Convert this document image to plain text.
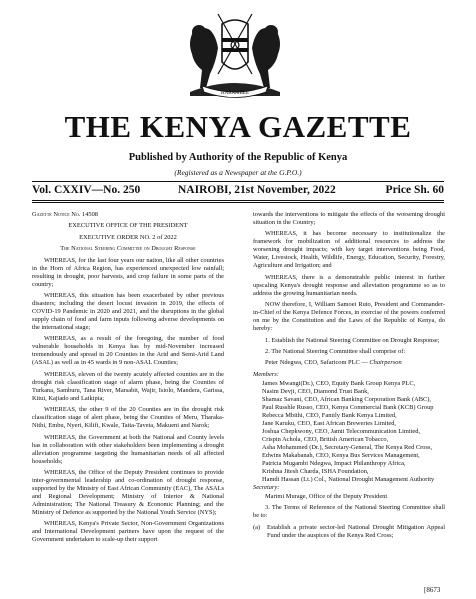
HARAMBEE
THE KENYA GAZETTE
Published by Authority of the Republic of Kenya
(Registered as a Newspaper at the G.P.O.)
Vol. CXXIV—No. 250	NAIROBI, 21st November, 2022	Price Sh. 60

Gazette Notice No. 14508

EXECUTIVE OFFICE OF THE PRESIDENT

EXECUTIVE ORDER NO. 2 of 2022

The National Steering Committee on Drought Response

WHEREAS, for the last four years our nation, like all other countries in the Horn of Africa Region, has experienced unexpected low rainfall; resulting in drought, poor harvests, and crop failure in some parts of the country;

WHEREAS, this situation has been exacerbated by other previous disasters; including the desert locust invasion in 2019, the effects of COVID-19 Pandemic in 2020 and 2021, and the disruptions in the global supply chain of food and farm inputs following adverse developments on the international stage;

WHEREAS, as a result of the foregoing, the number of food vulnerable households in Kenya has by mid-November increased tremendously and spread in 20 Counties in the Arid and Semi-Arid Land (ASAL) as well as in 45 wards in 9 non-ASAL Counties;

WHEREAS, eleven of the twenty acutely affected counties are in the drought risk classification stage of alarm phase, being the Counties of Turkana, Samburu, Tana River, Marsabit, Wajir, Isiolo, Mandera, Garissa, Kitui, Kajiado and Laikipia;

WHEREAS, the other 9 of the 20 Counties are in the drought risk classification stage of alert phase, being the Counties of Meru, Tharaka-Nithi, Embu, Nyeri, Kilifi, Kwale, Taita-Taveta, Makueni and Narok;

WHEREAS, the Government at both the National and County levels has in collaboration with other stakeholders been implementing a drought alleviation programme targeting the humanitarian needs of all affected households;

WHEREAS, the Office of the Deputy President continues to provide inter-governmental leadership and co-ordination of drought response, supported by the Ministry of East African Community (EAC), The ASALs and Regional Development; Ministry of Interior & National Administration; The National Treasury & Economic Planning; and the Ministry of Defence as supported by the National Youth Service (NYS);

WHEREAS, Kenya's Private Sector, Non-Government Organizations and International Development partners have upon the request of the Government undertaken to scale-up their support

towards the interventions to mitigate the effects of the worsening drought situation in the Country;

WHEREAS, it has become necessary to institutionalize the framework for mobilization of additional resources to address the worsening drought impacts; with key target interventions being Food, Water, Livestock, Health, Wildlife, Energy, Education, Security, Forestry, Agriculture and Irrigation; and

WHEREAS, there is a demonstrable public interest in further upscaling Kenya's drought response and alleviation programme so as to address the growing humanitarian needs.

NOW therefore, I, William Samoei Ruto, President and Commander-in-Chief of the Kenya Defence Forces, in exercise of the powers conferred on me by the Constitution and the Laws of the Republic of Kenya, do hereby:

1. Establish the National Steering Committee on Drought Response;

2. The National Steering Committee shall comprise of:

Peter Ndegwa, CEO, Safaricom PLC — Chairperson

Members:

James Mwangi(Dr.), CEO, Equity Bank Group Kenya PLC,

Nasim Devji, CEO, Diamond Trust Bank,

Shamaz Savani, CEO, African Banking Corporation Bank (ABC),

Paul Russhle Russo, CEO, Kenya Commercial Bank (KCB) Group

Rebecca Mbithi, CEO, Family Bank Kenya Limited,

Jane Karuku, CEO, East African Breweries Limited,

Joshua Chepkwony, CEO, Jamii Telecommunication Limited,

Crispin Achola, CEO, British American Tobacco,

Asha Mohammed (Dr.), Secretary-General, The Kenya Red Cross,

Edwins Makabanah, CEO, Kenya Bus Services Management,

Patricia Mugambi Ndegwa, Impact Philanthropy Africa,

Krishna Jitesh Charda, ISHA Foundation,

Hamdi Hassan (Lt.) Col., National Drought Management Authority

Secretary:

Marimi Murage, Office of the Deputy President

3. The Terms of Reference of the National Steering Committee shall be to:

(a)	Establish a private sector-led National Drought Mitigation Appeal Fund under the auspices of the Kenya Red Cross;
[8673
